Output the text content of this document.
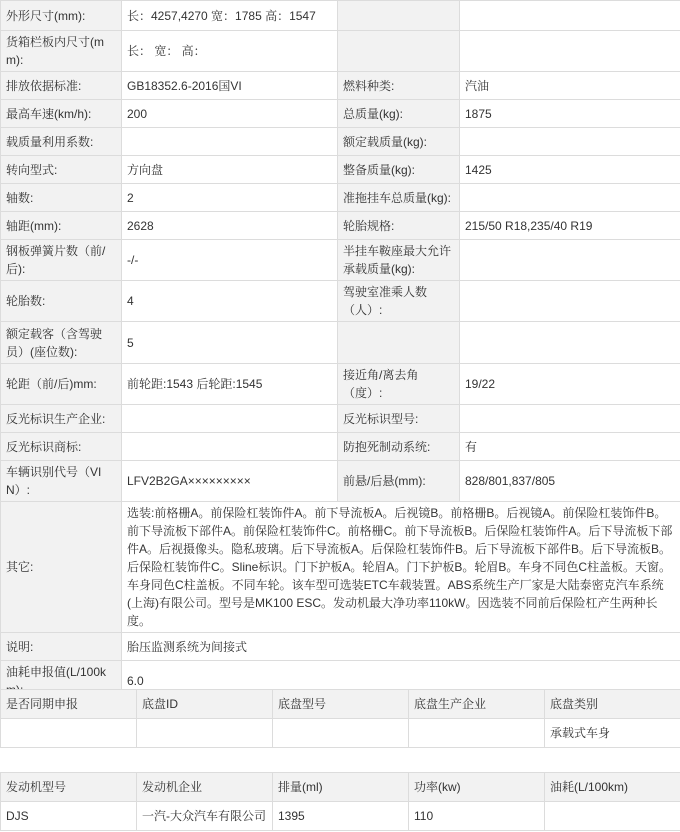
外形尺寸(mm):	长：4257,4270 宽：1785 高：1547		
货箱栏板内尺寸(mm):	长： 宽： 高：		
排放依据标准:	GB18352.6-2016国VI	燃料种类:	汽油
最高车速(km/h):	200	总质量(kg):	1875
载质量利用系数:		额定载质量(kg):	
转向型式:	方向盘	整备质量(kg):	1425
轴数:	2	准拖挂车总质量(kg):	
轴距(mm):	2628	轮胎规格:	215/50 R18,235/40 R19
钢板弹簧片数（前/后):	-/-	半挂车鞍座最大允许承载质量(kg):	
轮胎数:	4	驾驶室准乘人数（人）:	
额定载客（含驾驶员）(座位数):	5		
轮距（前/后)mm:	前轮距:1543 后轮距:1545	接近角/离去角（度）:	19/22
反光标识生产企业:		反光标识型号:	
反光标识商标:		防抱死制动系统:	有
车辆识别代号（VIN）:	LFV2B2GA×××××××××	前悬/后悬(mm):	828/801,837/805
其它:	选装:前格栅A。前保险杠装饰件A。前下导流板A。后视镜B。前格栅B。后视镜A。前保险杠装饰件B。前下导流板下部件A。前保险杠装饰件C。前格栅C。前下导流板B。后保险杠装饰件A。后下导流板下部件A。后视摄像头。隐私玻璃。后下导流板A。后保险杠装饰件B。后下导流板下部件B。后下导流板B。后保险杠装饰件C。Sline标识。门下护板A。轮眉A。门下护板B。轮眉B。车身不同色C柱盖板。天窗。车身同色C柱盖板。不同车轮。该车型可选装ETC车载装置。ABS系统生产厂家是大陆泰密克汽车系统(上海)有限公司。型号是MK100 ESC。发动机最大净功率110kW。因选装不同前后保险杠产生两种长度。		
说明:	胎压监测系统为间接式		
油耗申报值(L/100k	6.0		
是否同期申报	底盘ID	底盘型号	底盘生产企业	底盘类别
				承载式车身
发动机型号	发动机企业	排量(ml)	功率(kw)	油耗(L/100km)
DJS	一汽-大众汽车有限公司	1395	110	
